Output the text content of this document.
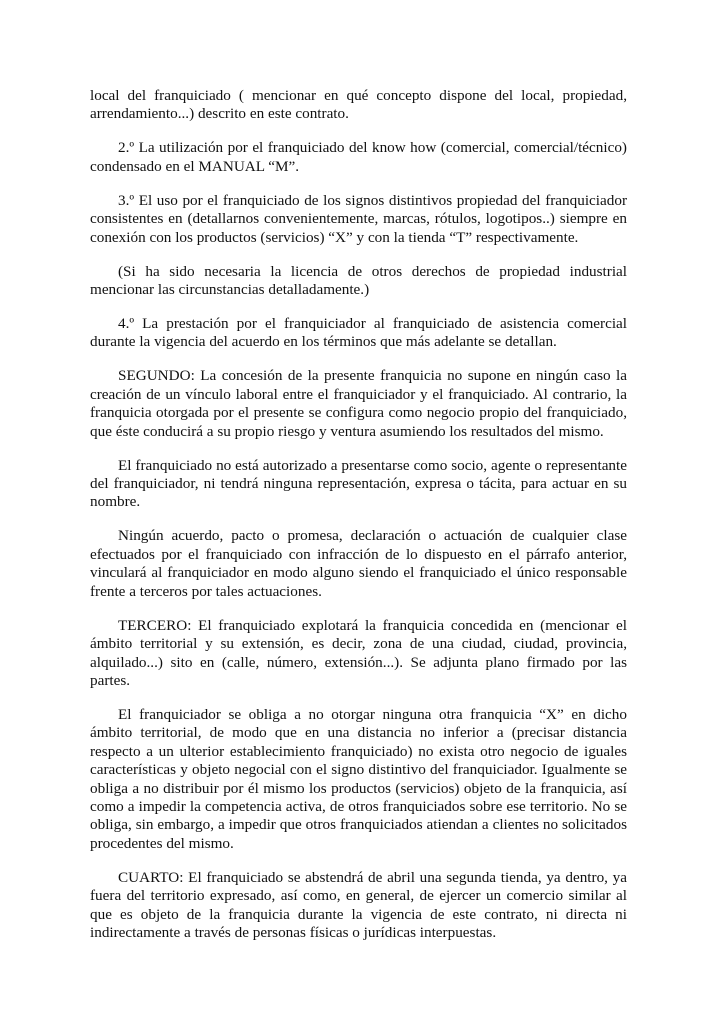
local del franquiciado ( mencionar en qué concepto dispone del local, propiedad, arrendamiento...) descrito en este contrato.

2.º La utilización por el franquiciado del know how (comercial, comercial/técnico) condensado en el MANUAL “M”.

3.º El uso por el franquiciado de los signos distintivos propiedad del franquiciador consistentes en (detallarnos convenientemente, marcas, rótulos, logotipos..) siempre en conexión con los productos (servicios) “X” y con la tienda “T” respectivamente.

(Si ha sido necesaria la licencia de otros derechos de propiedad industrial mencionar las circunstancias detalladamente.)

4.º La prestación por el franquiciador al franquiciado de asistencia comercial durante la vigencia del acuerdo en los términos que más adelante se detallan.

SEGUNDO: La concesión de la presente franquicia no supone en ningún caso la creación de un vínculo laboral entre el franquiciador y el franquiciado. Al contrario, la franquicia otorgada por el presente se configura como negocio propio del franquiciado, que éste conducirá a su propio riesgo y ventura asumiendo los resultados del mismo.

El franquiciado no está autorizado a presentarse como socio, agente o representante del franquiciador, ni tendrá ninguna representación, expresa o tácita, para actuar en su nombre.

Ningún acuerdo, pacto o promesa, declaración o actuación de cualquier clase efectuados por el franquiciado con infracción de lo dispuesto en el párrafo anterior, vinculará al franquiciador en modo alguno siendo el franquiciado el único responsable frente a terceros por tales actuaciones.

TERCERO: El franquiciado explotará la franquicia concedida en (mencionar el ámbito territorial y su extensión, es decir, zona de una ciudad, ciudad, provincia, alquilado...) sito en (calle, número, extensión...). Se adjunta plano firmado por las partes.

El franquiciador se obliga a no otorgar ninguna otra franquicia “X” en dicho ámbito territorial, de modo que en una distancia no inferior a (precisar distancia respecto a un ulterior establecimiento franquiciado) no exista otro negocio de iguales características y objeto negocial con el signo distintivo del franquiciador. Igualmente se obliga a no distribuir por él mismo los productos (servicios) objeto de la franquicia, así como a impedir la competencia activa, de otros franquiciados sobre ese territorio. No se obliga, sin embargo, a impedir que otros franquiciados atiendan a clientes no solicitados procedentes del mismo.

CUARTO: El franquiciado se abstendrá de abril una segunda tienda, ya dentro, ya fuera del territorio expresado, así como, en general, de ejercer un comercio similar al que es objeto de la franquicia durante la vigencia de este contrato, ni directa ni indirectamente a través de personas físicas o jurídicas interpuestas.
